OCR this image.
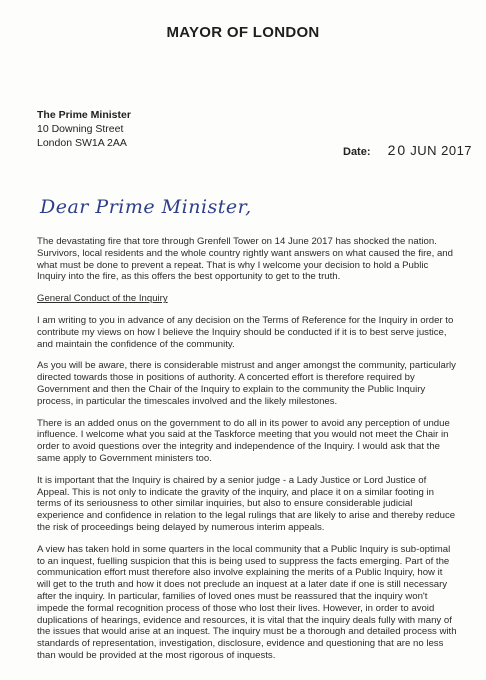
MAYOR OF LONDON
The Prime Minister
10 Downing Street
London SW1A 2AA
Date: 20 JUN 2017
Dear Prime Minister,

The devastating fire that tore through Grenfell Tower on 14 June 2017 has shocked the nation. Survivors, local residents and the whole country rightly want answers on what caused the fire, and what must be done to prevent a repeat. That is why I welcome your decision to hold a Public Inquiry into the fire, as this offers the best opportunity to get to the truth.

General Conduct of the Inquiry

I am writing to you in advance of any decision on the Terms of Reference for the Inquiry in order to contribute my views on how I believe the Inquiry should be conducted if it is to best serve justice, and maintain the confidence of the community.

As you will be aware, there is considerable mistrust and anger amongst the community, particularly directed towards those in positions of authority. A concerted effort is therefore required by Government and then the Chair of the Inquiry to explain to the community the Public Inquiry process, in particular the timescales involved and the likely milestones.

There is an added onus on the government to do all in its power to avoid any perception of undue influence. I welcome what you said at the Taskforce meeting that you would not meet the Chair in order to avoid questions over the integrity and independence of the Inquiry. I would ask that the same apply to Government ministers too.

It is important that the Inquiry is chaired by a senior judge - a Lady Justice or Lord Justice of Appeal. This is not only to indicate the gravity of the inquiry, and place it on a similar footing in terms of its seriousness to other similar inquiries, but also to ensure considerable judicial experience and confidence in relation to the legal rulings that are likely to arise and thereby reduce the risk of proceedings being delayed by numerous interim appeals.

A view has taken hold in some quarters in the local community that a Public Inquiry is sub-optimal to an inquest, fuelling suspicion that this is being used to suppress the facts emerging. Part of the communication effort must therefore also involve explaining the merits of a Public Inquiry, how it will get to the truth and how it does not preclude an inquest at a later date if one is still necessary after the inquiry. In particular, families of loved ones must be reassured that the inquiry won't impede the formal recognition process of those who lost their lives. However, in order to avoid duplications of hearings, evidence and resources, it is vital that the inquiry deals fully with many of the issues that would arise at an inquest. The inquiry must be a thorough and detailed process with standards of representation, investigation, disclosure, evidence and questioning that are no less than would be provided at the most rigorous of inquests.
